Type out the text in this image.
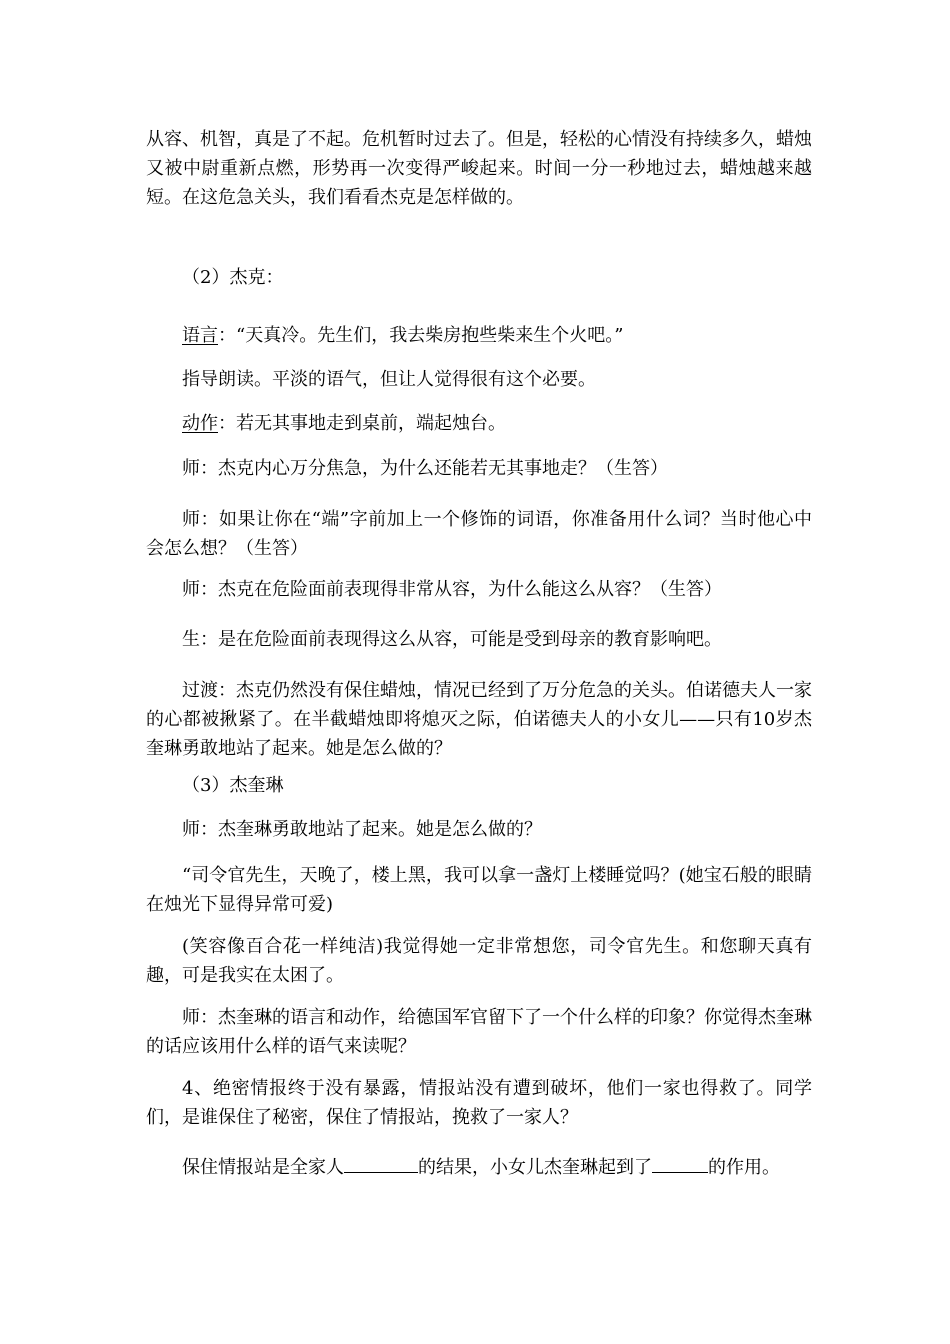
从容、机智，真是了不起。危机暂时过去了。但是，轻松的心情没有持续多久，蜡烛又被中尉重新点燃，形势再一次变得严峻起来。时间一分一秒地过去，蜡烛越来越短。在这危急关头，我们看看杰克是怎样做的。

（2）杰克：

语言：“天真冷。先生们，我去柴房抱些柴来生个火吧。”

指导朗读。平淡的语气，但让人觉得很有这个必要。

动作：若无其事地走到桌前，端起烛台。

师：杰克内心万分焦急，为什么还能若无其事地走？（生答）

师：如果让你在“端”字前加上一个修饰的词语，你准备用什么词？当时他心中会怎么想？（生答）

师：杰克在危险面前表现得非常从容，为什么能这么从容？（生答）

生：是在危险面前表现得这么从容，可能是受到母亲的教育影响吧。

过渡：杰克仍然没有保住蜡烛，情况已经到了万分危急的关头。伯诺德夫人一家的心都被揪紧了。在半截蜡烛即将熄灭之际，伯诺德夫人的小女儿——只有10岁杰奎琳勇敢地站了起来。她是怎么做的？

（3）杰奎琳

师：杰奎琳勇敢地站了起来。她是怎么做的？

“司令官先生，天晚了，楼上黑，我可以拿一盏灯上楼睡觉吗？(她宝石般的眼睛在烛光下显得异常可爱)

(笑容像百合花一样纯洁)我觉得她一定非常想您，司令官先生。和您聊天真有趣，可是我实在太困了。

师：杰奎琳的语言和动作，给德国军官留下了一个什么样的印象？你觉得杰奎琳的话应该用什么样的语气来读呢？

4、绝密情报终于没有暴露，情报站没有遭到破坏，他们一家也得救了。同学们，是谁保住了秘密，保住了情报站，挽救了一家人？

保住情报站是全家人	的结果，小女儿杰奎琳起到了	的作用。
